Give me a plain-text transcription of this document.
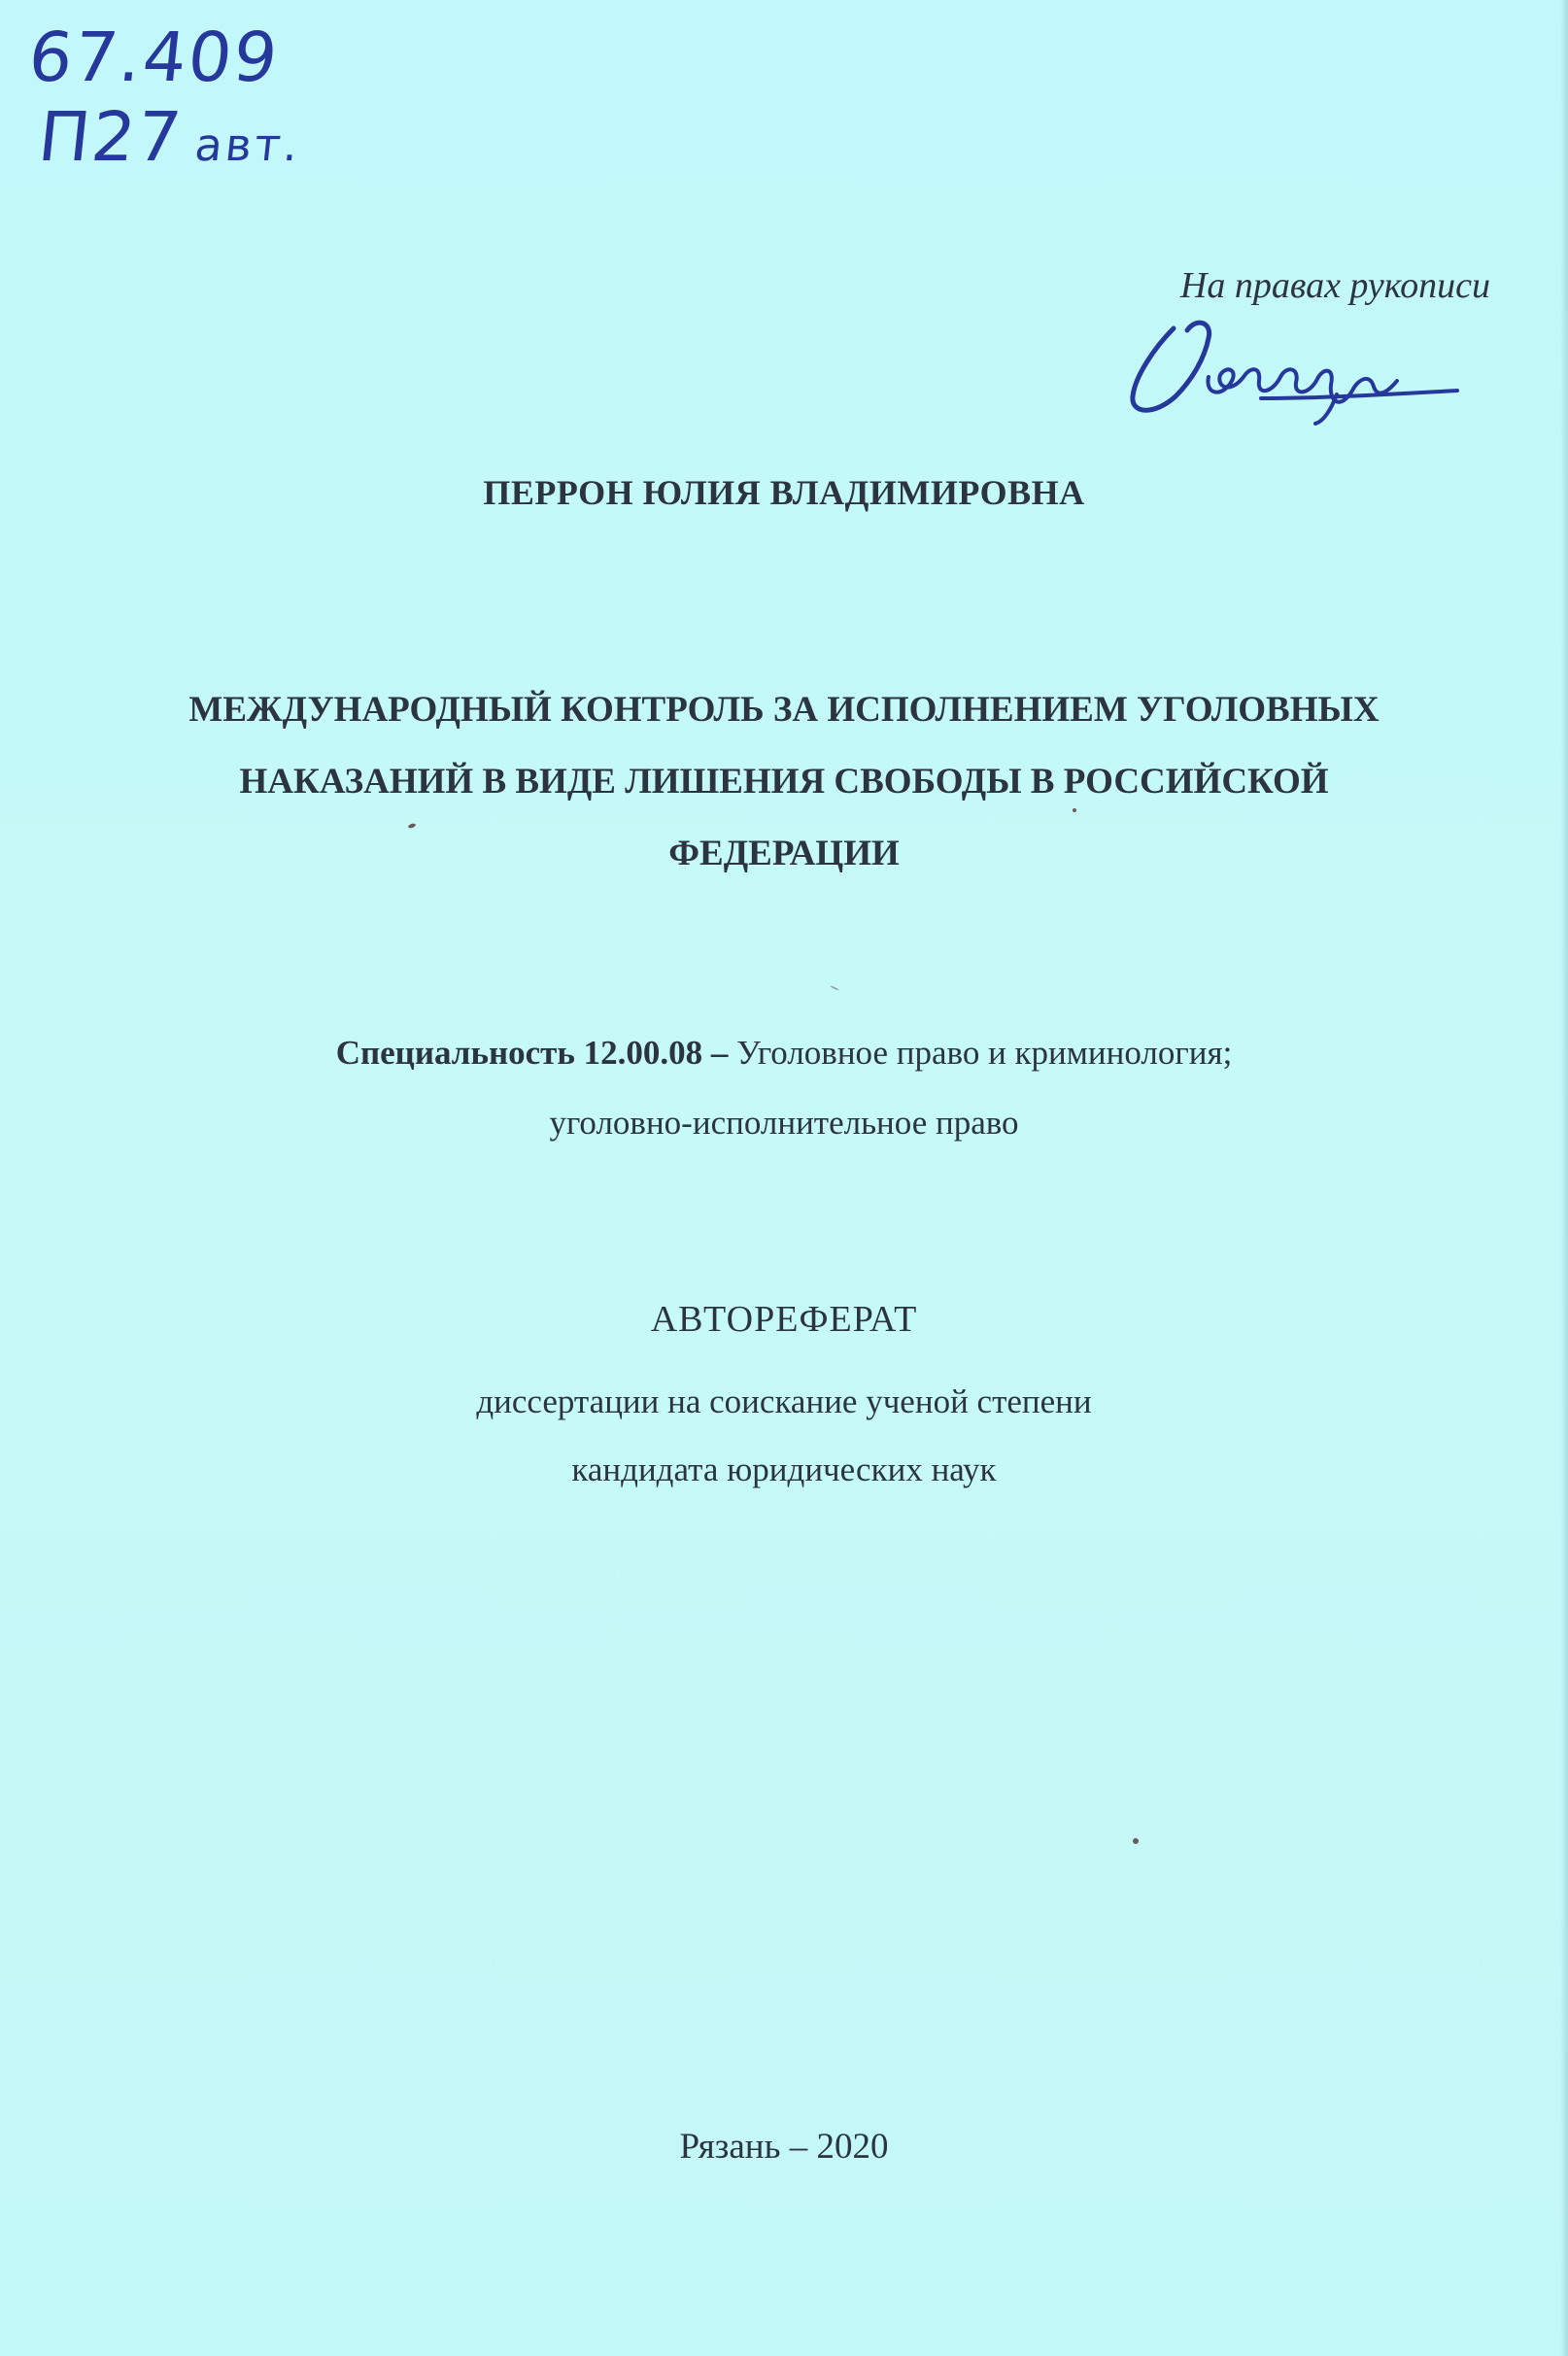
67.409
П27 авт.
На правах рукописи
ПЕРРОН ЮЛИЯ ВЛАДИМИРОВНА
МЕЖДУНАРОДНЫЙ КОНТРОЛЬ ЗА ИСПОЛНЕНИЕМ УГОЛОВНЫХ
НАКАЗАНИЙ В ВИДЕ ЛИШЕНИЯ СВОБОДЫ В РОССИЙСКОЙ
ФЕДЕРАЦИИ
Специальность 12.00.08 – Уголовное право и криминология;
уголовно-исполнительное право
АВТОРЕФЕРАТ
диссертации на соискание ученой степени
кандидата юридических наук
Рязань – 2020
